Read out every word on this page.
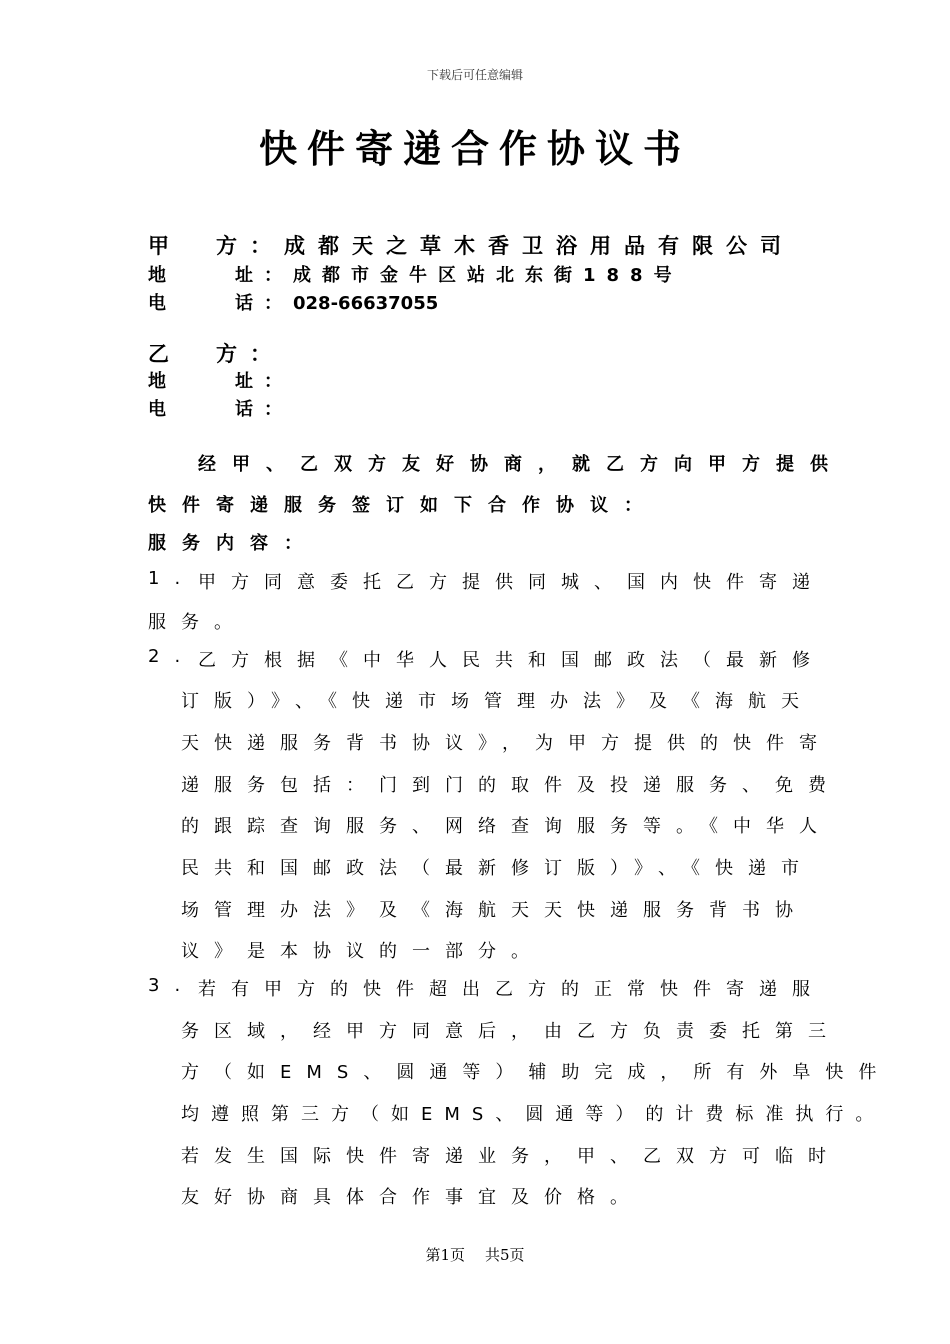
下载后可任意编辑
快件寄递合作协议书
甲　方：成都天之草木香卫浴用品有限公司
地　　址：成都市金牛区站北东街188号
电　　话：028-66637055
乙　方：
地　　址：
电　　话：
经甲、乙双方友好协商，就乙方向甲方提供
快件寄递服务签订如下合作协议：
服务内容：
1. 甲方同意委托乙方提供同城、国内快件寄递
服务。
2. 乙方根据《中华人民共和国邮政法（最新修
订版）》、《快递市场管理办法》及《海航天
天快递服务背书协议》，为甲方提供的快件寄
递服务包括：门到门的取件及投递服务、免费
的跟踪查询服务、网络查询服务等。《中华人
民共和国邮政法（最新修订版）》、《快递市
场管理办法》及《海航天天快递服务背书协
议》是本协议的一部分。
3. 若有甲方的快件超出乙方的正常快件寄递服
务区域，经甲方同意后，由乙方负责委托第三
方（如EMS、圆通等）辅助完成，所有外阜快件
均遵照第三方（如EMS、圆通等）的计费标准执行。
若发生国际快件寄递业务，甲、乙双方可临时
友好协商具体合作事宜及价格。
第1页 共5页
